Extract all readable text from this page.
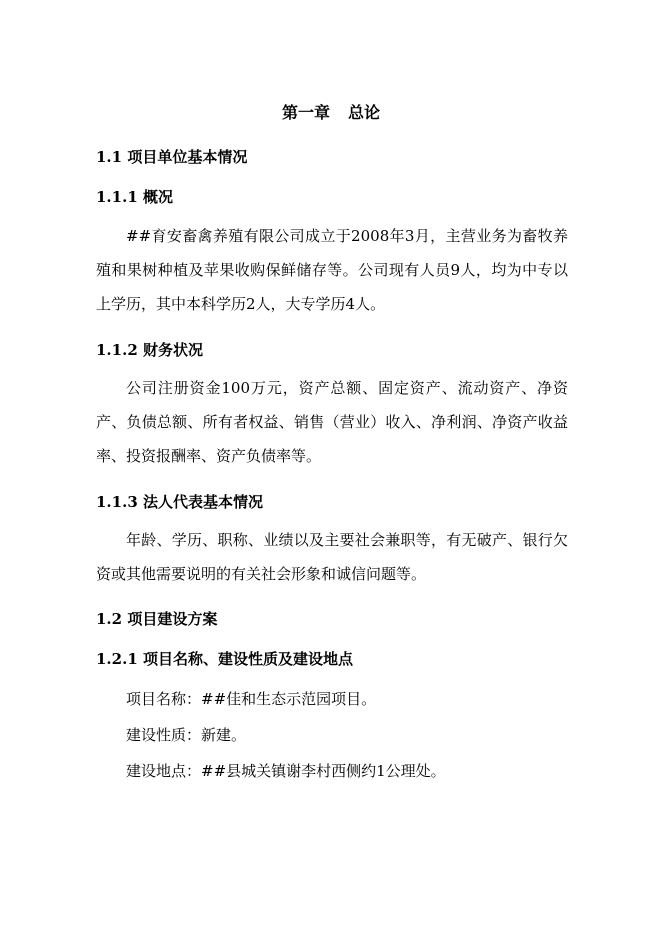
第一章 总论
1.1 项目单位基本情况
1.1.1 概况
##育安畜禽养殖有限公司成立于2008年3月，主营业务为畜牧养殖和果树种植及苹果收购保鲜储存等。公司现有人员9人，均为中专以上学历，其中本科学历2人，大专学历4人。
1.1.2 财务状况
公司注册资金100万元，资产总额、固定资产、流动资产、净资产、负债总额、所有者权益、销售（营业）收入、净利润、净资产收益率、投资报酬率、资产负债率等。
1.1.3 法人代表基本情况
年龄、学历、职称、业绩以及主要社会兼职等，有无破产、银行欠资或其他需要说明的有关社会形象和诚信问题等。
1.2 项目建设方案
1.2.1 项目名称、建设性质及建设地点
项目名称：##佳和生态示范园项目。
建设性质：新建。
建设地点：##县城关镇谢李村西侧约1公理处。
